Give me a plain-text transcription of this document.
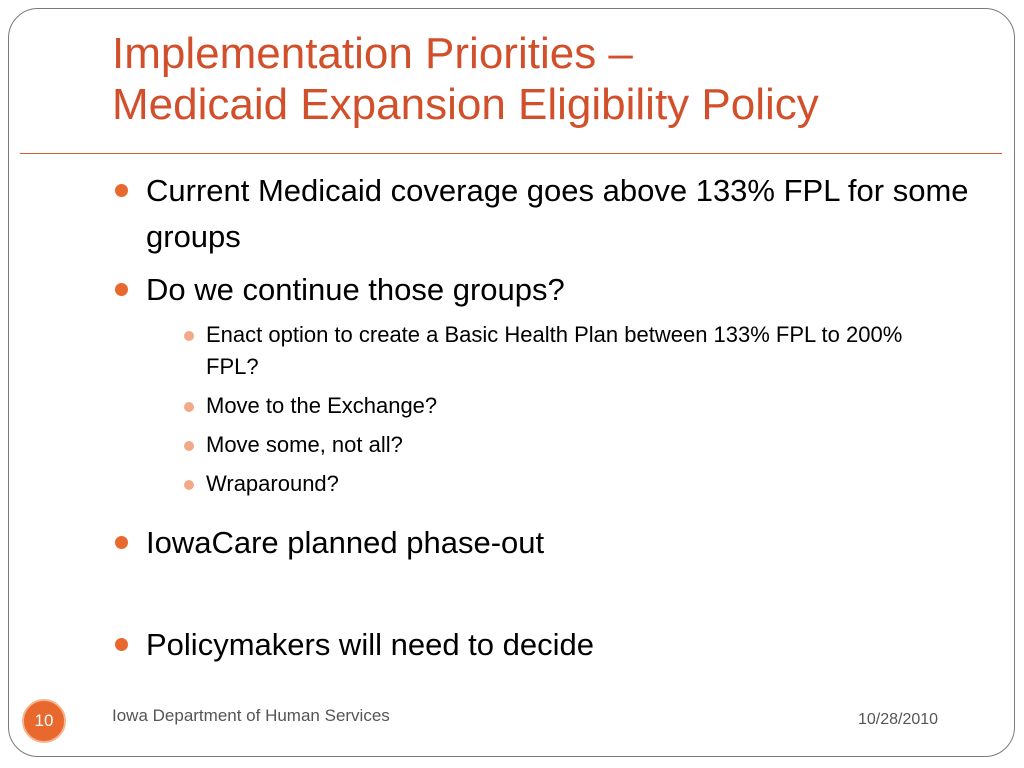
Implementation Priorities –
Medicaid Expansion Eligibility Policy
Current Medicaid coverage goes above 133% FPL for some groups
Do we continue those groups?
Enact option to create a Basic Health Plan between 133% FPL to 200% FPL?
Move to the Exchange?
Move some, not all?
Wraparound?
IowaCare planned phase-out
Policymakers will need to decide
10	Iowa Department of Human Services	10/28/2010
